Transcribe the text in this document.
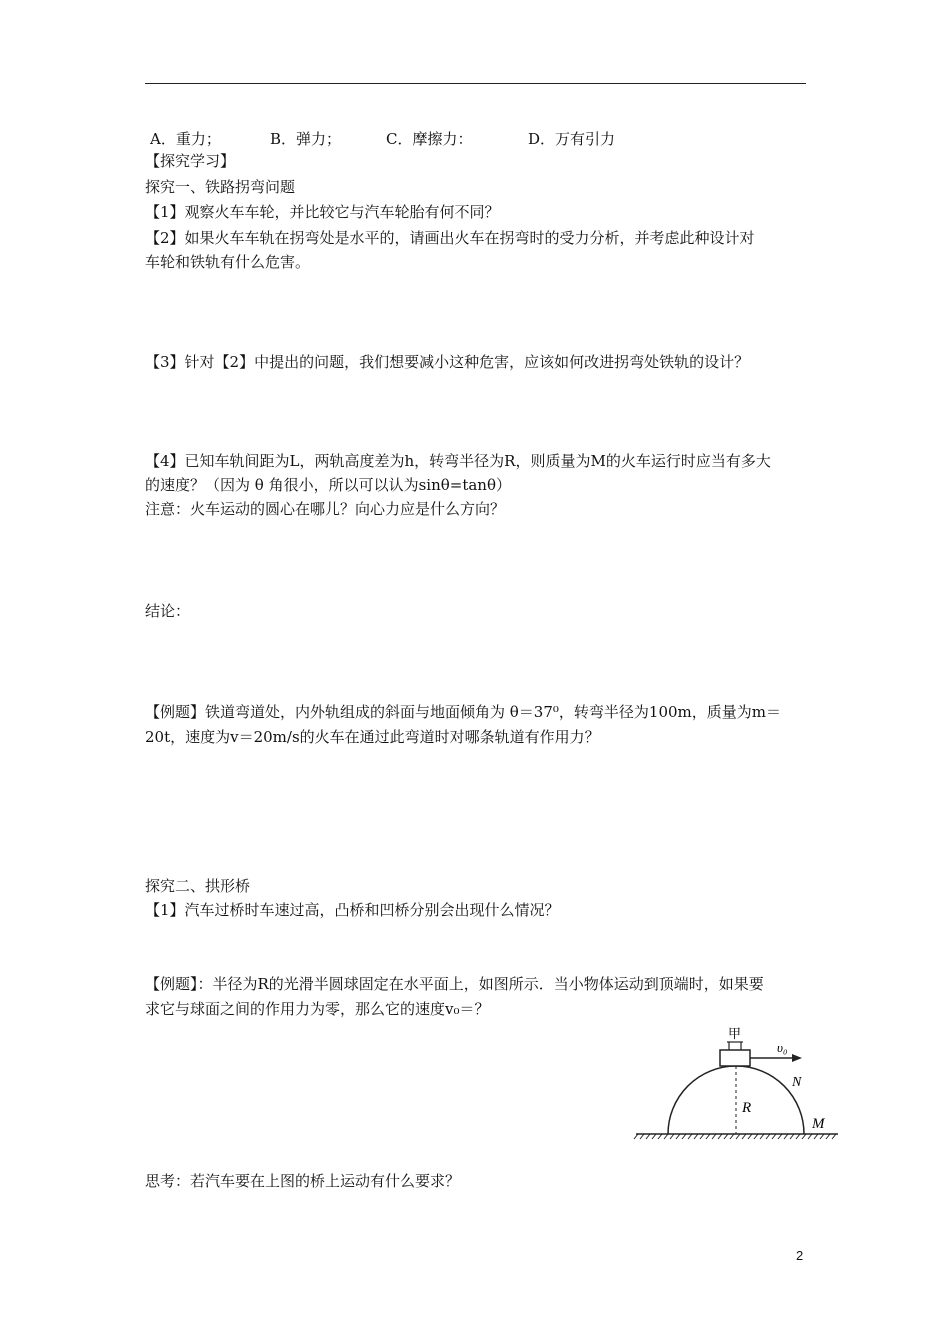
A．重力；	B．弹力；	C．摩擦力：	D．万有引力
【探究学习】
探究一、铁路拐弯问题
【1】观察火车车轮，并比较它与汽车轮胎有何不同？
【2】如果火车车轨在拐弯处是水平的，请画出火车在拐弯时的受力分析，并考虑此种设计对
车轮和铁轨有什么危害。
【3】针对【2】中提出的问题，我们想要减小这种危害，应该如何改进拐弯处铁轨的设计？
【4】已知车轨间距为L，两轨高度差为h，转弯半径为R，则质量为M的火车运行时应当有多大
的速度？（因为 θ 角很小，所以可以认为sinθ=tanθ）
注意：火车运动的圆心在哪儿？向心力应是什么方向？
结论：
【例题】铁道弯道处，内外轨组成的斜面与地面倾角为 θ＝37⁰，转弯半径为100m，质量为m＝
20t，速度为v＝20m/s的火车在通过此弯道时对哪条轨道有作用力？
探究二、拱形桥
【1】汽车过桥时车速过高，凸桥和凹桥分别会出现什么情况？
【例题】：半径为R的光滑半圆球固定在水平面上，如图所示．当小物体运动到顶端时，如果要
求它与球面之间的作用力为零，那么它的速度v₀＝？
甲
υ₀
N
R
M
思考：若汽车要在上图的桥上运动有什么要求？
2
